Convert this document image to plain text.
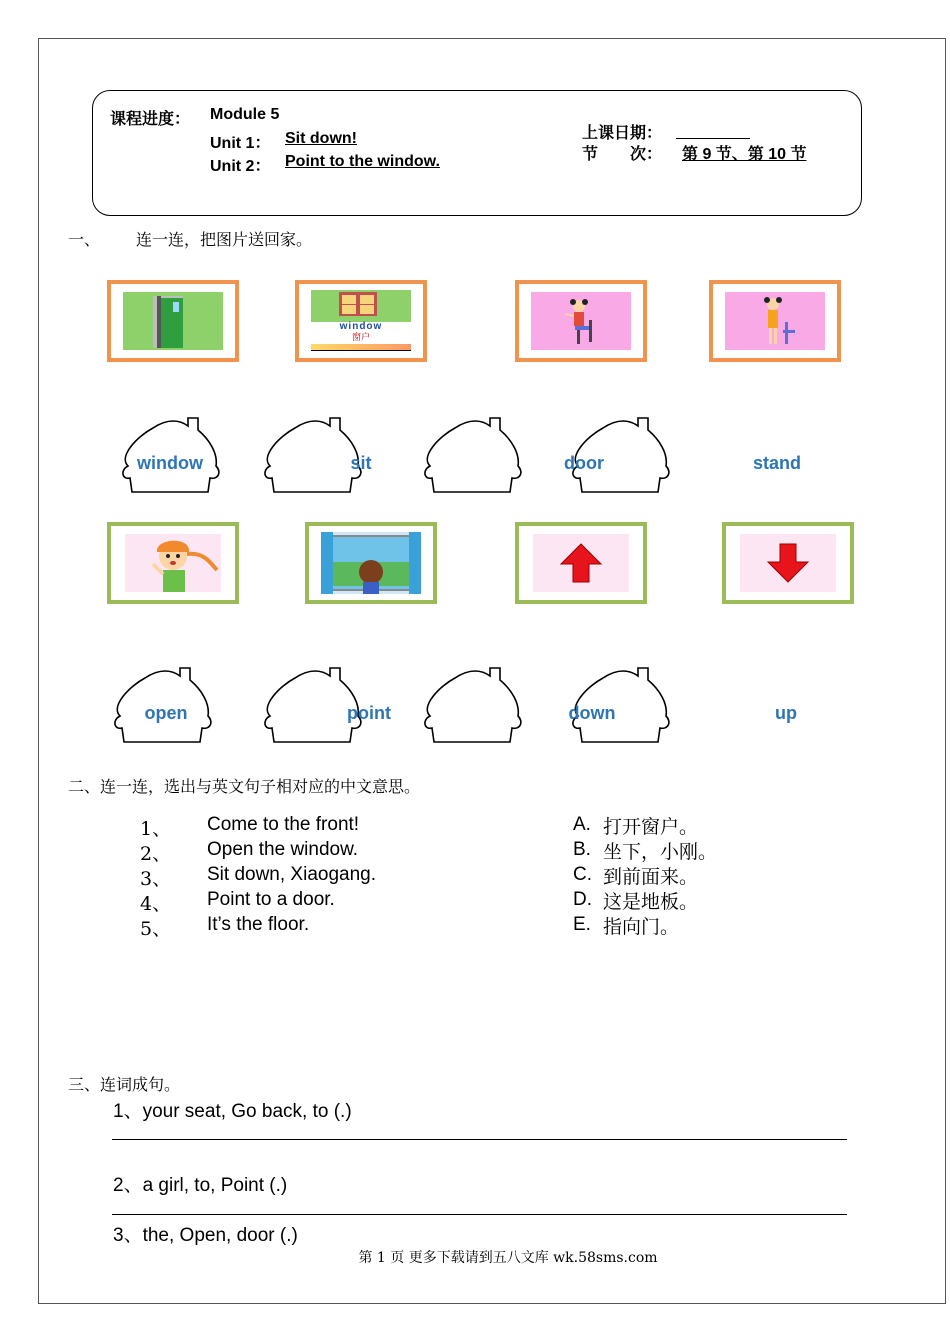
课程进度： Module 5
Unit 1： Sit down!
Unit 2： Point to the window.
上课日期：
节　　次： 第 9 节、第 10 节
一、 连一连，把图片送回家。
window
窗户
window	sit	door	stand
open	point	down	up
二、连一连，选出与英文句子相对应的中文意思。
1、 Come to the front!
2、 Open the window.
3、 Sit down, Xiaogang.
4、 Point to a door.
5、 It’s the floor.
A. 打开窗户。
B. 坐下，小刚。
C. 到前面来。
D. 这是地板。
E. 指向门。
三、连词成句。
1、your seat, Go back, to (.)
2、a girl, to, Point (.)
3、the, Open, door (.)
第 1 页 更多下载请到五八文库 wk.58sms.com
